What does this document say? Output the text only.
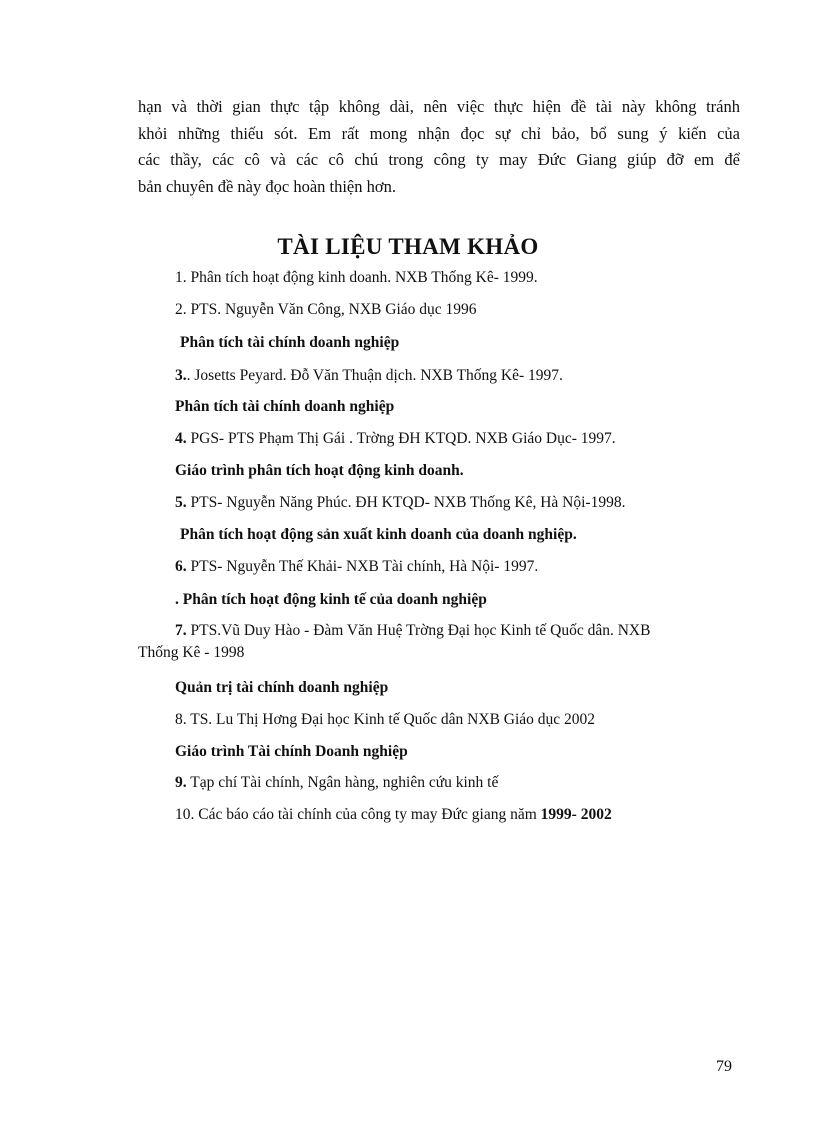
hạn và thời gian thực tập không dài, nên việc thực hiện đề tài này không tránh
khỏi những thiếu sót. Em rất mong nhận đọc sự chỉ bảo, bổ sung ý kiến của
các thầy, các cô và các cô chú trong công ty may Đức Giang giúp đỡ em để
bản chuyên đề này đọc hoàn thiện hơn.
TÀI LIỆU THAM KHẢO
1. Phân tích hoạt động kinh doanh. NXB Thống Kê- 1999.
2. PTS. Nguyễn Văn Công, NXB Giáo dục 1996
Phân tích tài chính doanh nghiệp
3.. Josetts Peyard. Đỗ Văn Thuận dịch. NXB Thống Kê- 1997.
Phân tích tài chính doanh nghiệp
4. PGS- PTS Phạm Thị Gái . Trờng ĐH KTQD. NXB Giáo Dục- 1997.
Giáo trình phân tích hoạt động kinh doanh.
5. PTS- Nguyễn Năng Phúc. ĐH KTQD- NXB Thống Kê, Hà Nội-1998.
Phân tích hoạt động sản xuất kinh doanh của doanh nghiệp.
6. PTS- Nguyễn Thế Khải- NXB Tài chính, Hà Nội- 1997.
. Phân tích hoạt động kinh tế của doanh nghiệp
7. PTS.Vũ Duy Hào - Đàm Văn Huệ Trờng Đại học Kinh tế Quốc dân. NXB
Thống Kê - 1998
Quản trị tài chính doanh nghiệp
8. TS. Lu Thị Hơng Đại học Kinh tế Quốc dân NXB Giáo dục 2002
Giáo trình Tài chính Doanh nghiệp
9. Tạp chí Tài chính, Ngân hàng, nghiên cứu kinh tế
10. Các báo cáo tài chính của công ty may Đức giang năm 1999- 2002
79
